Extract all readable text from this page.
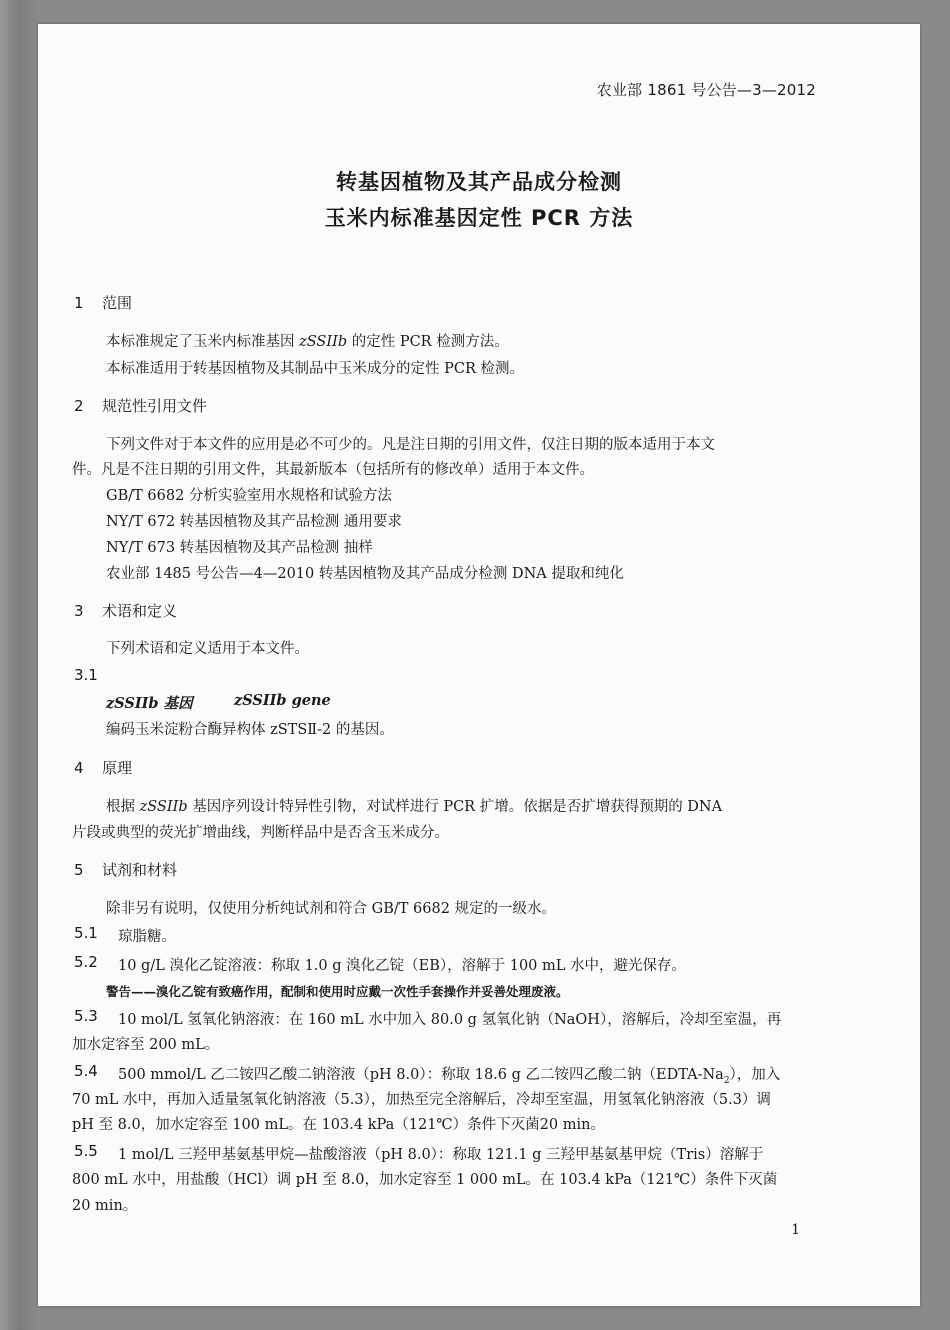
农业部 1861 号公告—3—2012
转基因植物及其产品成分检测
玉米内标准基因定性 PCR 方法
1 范围
本标准规定了玉米内标准基因 zSSIIb 的定性 PCR 检测方法。
本标准适用于转基因植物及其制品中玉米成分的定性 PCR 检测。
2 规范性引用文件
下列文件对于本文件的应用是必不可少的。凡是注日期的引用文件，仅注日期的版本适用于本文
件。凡是不注日期的引用文件，其最新版本（包括所有的修改单）适用于本文件。
GB/T 6682 分析实验室用水规格和试验方法
NY/T 672 转基因植物及其产品检测 通用要求
NY/T 673 转基因植物及其产品检测 抽样
农业部 1485 号公告—4—2010 转基因植物及其产品成分检测 DNA 提取和纯化
3 术语和定义
下列术语和定义适用于本文件。
3.1
zSSIIb 基因	zSSIIb gene
编码玉米淀粉合酶异构体 zSTSⅡ-2 的基因。
4 原理
根据 zSSIIb 基因序列设计特异性引物，对试样进行 PCR 扩增。依据是否扩增获得预期的 DNA
片段或典型的荧光扩增曲线，判断样品中是否含玉米成分。
5 试剂和材料
除非另有说明，仅使用分析纯试剂和符合 GB/T 6682 规定的一级水。
5.1 琼脂糖。
5.2 10 g/L 溴化乙锭溶液：称取 1.0 g 溴化乙锭（EB），溶解于 100 mL 水中，避光保存。
警告——溴化乙锭有致癌作用，配制和使用时应戴一次性手套操作并妥善处理废液。
5.3 10 mol/L 氢氧化钠溶液：在 160 mL 水中加入 80.0 g 氢氧化钠（NaOH），溶解后，冷却至室温，再
加水定容至 200 mL。
5.4 500 mmol/L 乙二铵四乙酸二钠溶液（pH 8.0）：称取 18.6 g 乙二铵四乙酸二钠$(EDTA-Na_2)$，加入
70 mL 水中，再加入适量氢氧化钠溶液（5.3），加热至完全溶解后，冷却至室温，用氢氧化钠溶液（5.3）调
pH 至 8.0，加水定容至 100 mL。在 103.4 kPa（121℃）条件下灭菌20 min。
5.5 1 mol/L 三羟甲基氨基甲烷—盐酸溶液（pH 8.0）：称取 121.1 g 三羟甲基氨基甲烷（Tris）溶解于
800 mL 水中，用盐酸（HCl）调 pH 至 8.0，加水定容至 1 000 mL。在 103.4 kPa（121℃）条件下灭菌
20 min。
1
